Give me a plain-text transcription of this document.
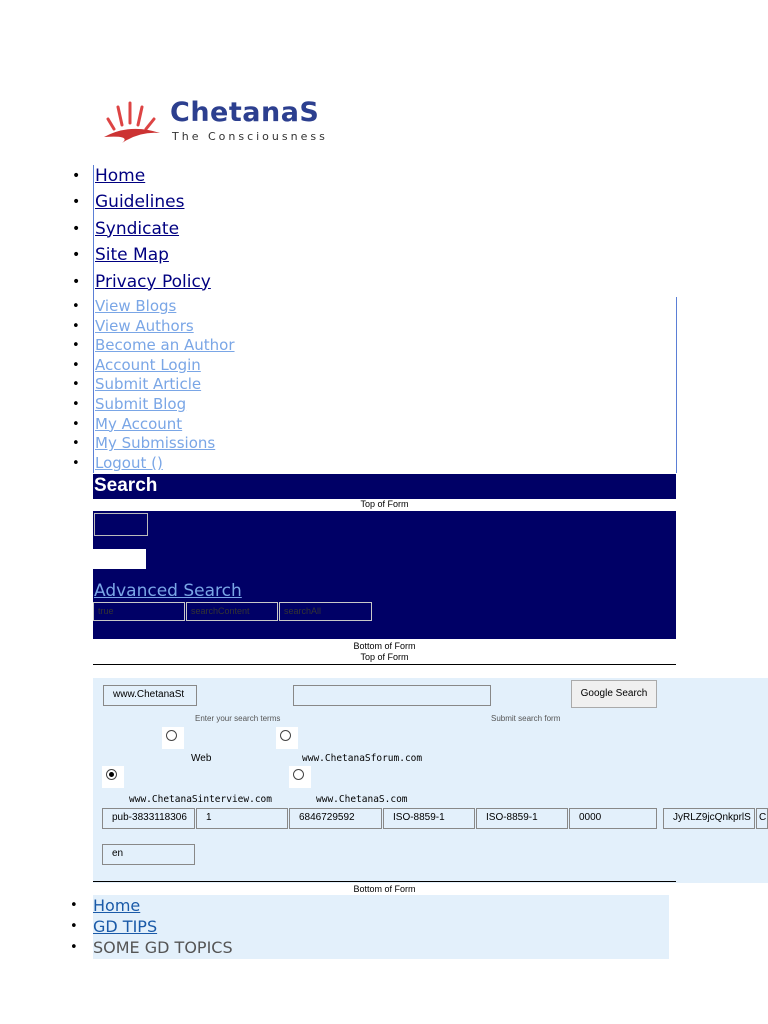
ChetanaS
The Consciousness
• Home
• Guidelines
• Syndicate
• Site Map
• Privacy Policy
• View Blogs
• View Authors
• Become an Author
• Account Login
• Submit Article
• Submit Blog
• My Account
• My Submissions
• Logout ()
Search
Top of Form
Advanced Search
true	searchContent	searchAll
Bottom of Form
Top of Form
www.ChetanaSt	Google Search
Enter your search terms	Submit search form
Web	www.ChetanaSforum.com
www.ChetanaSinterview.com	www.ChetanaS.com
pub-3833118306	1	6846729592	ISO-8859-1	ISO-8859-1	0000	JyRLZ9jcQnkprlS C
en
Bottom of Form
• Home
• GD TIPS
• SOME GD TOPICS
